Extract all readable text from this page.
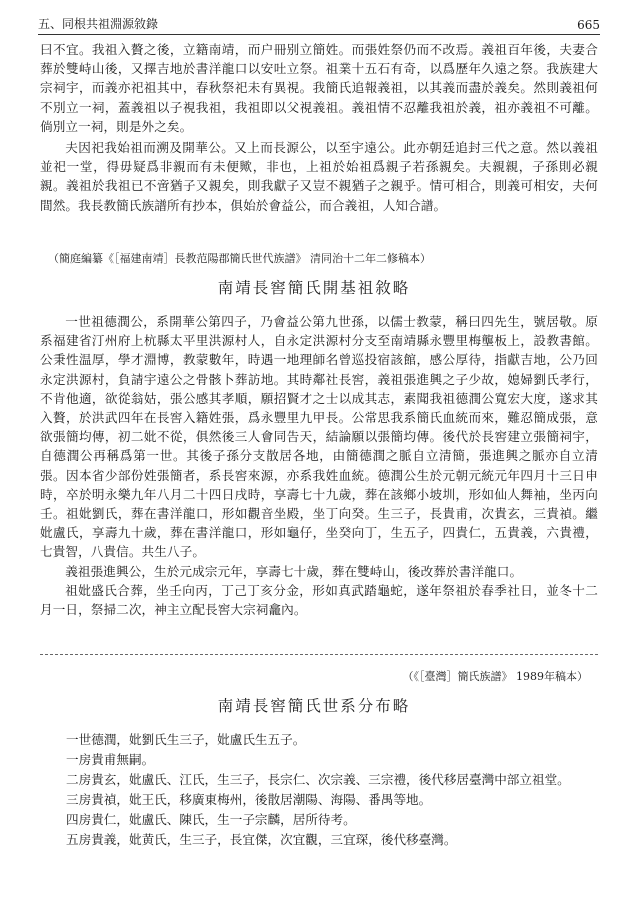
五、同根共祖淵源敘錄	665

曰不宜。我祖入贅之後，立籍南靖，而户冊别立簡姓。而張姓祭仍而不改焉。義祖百年後，夫妻合葬於雙峙山後，又擇吉地於書洋龍口以安吐立祭。祖業十五石有奇，以爲歷年久遠之祭。我族建大宗祠宇，而義亦祀祖其中，春秋祭祀未有異視。我簡氏追報義祖，以其義而盡於義矣。然則義祖何不別立一祠，蓋義祖以子視我祖，我祖即以父視義祖。義祖情不忍離我祖於義，祖亦義祖不可離。倘別立一祠，則是外之矣。

夫因祀我始祖而溯及開華公。又上而長源公，以至宇遠公。此亦朝廷追封三代之意。然以義祖並祀一堂，得毋疑爲非親而有未便歟，非也，上祖於始祖爲親子若孫親矣。夫親親，子孫則必親親。義祖於我祖已不啻猶子又親矣，則我獻子又豈不親猶子之親乎。情可相合，則義可相安，夫何間然。我長教簡氏族譜所有抄本，俱始於會益公，而合義祖，人知合譜。

（簡庭編纂《［福建南靖］長教范陽郡簡氏世代族譜》 清同治十二年二修稿本）
南靖長窖簡氏開基祖敘略

一世祖德潤公，系開華公第四子，乃會益公第九世孫，以儒士教蒙，稱曰四先生，號居敬。原系福建省汀州府上杭縣太平里洪源村人，自永定洪源村分支至南靖縣永豐里梅壟板上，設教書館。公秉性温厚，學才淵博，教蒙數年，時遇一地理師名曾巡投宿該館，感公厚待，指獻吉地，公乃回永定洪源村，負請宇遠公之骨骸卜葬訪地。其時鄰社長窖，義祖張進興之子少故，媳婦劉氏孝行，不肯他適，欲從翁姑，張公感其孝順，願招賢才之士以成其志，素聞我祖德潤公寬宏大度，遂求其入贅，於洪武四年在長窖入籍姓張，爲永豐里九甲長。公常思我系簡氏血統而來，難忍簡成張，意欲張簡均傳，初二妣不從，俱然後三人會同告天，結論願以張簡均傳。後代於長窖建立張簡祠宇，自德潤公再稱爲第一世。其後子孫分支散居各地，由簡德潤之脈自立清簡，張進興之脈亦自立清張。因本省少部份姓張簡者，系長窖來源，亦系我姓血統。德潤公生於元朝元統元年四月十三日申時，卒於明永樂九年八月二十四日戌時，享壽七十九歲，葬在該鄉小坡圳，形如仙人舞袖，坐丙向壬。祖妣劉氏，葬在書洋龍口，形如觀音坐殿，坐丁向癸。生三子，長貴甫，次貴玄，三貴禎。繼妣盧氏，享壽九十歲，葬在書洋龍口，形如龜仔，坐癸向丁，生五子，四貴仁，五貴義，六貴禮，七貴智，八貴信。共生八子。

義祖張進興公，生於元成宗元年，享壽七十歲，葬在雙峙山，後改葬於書洋龍口。

祖妣盛氏合葬，坐壬向丙，丁己丁亥分金，形如真武踏龜蛇，遂年祭祖於春季社日，並冬十二月一日，祭掃二次，神主立配長窖大宗祠龕內。

（《［臺灣］簡氏族譜》 1989年稿本）
南靖長窖簡氏世系分布略

一世德潤，妣劉氏生三子，妣盧氏生五子。

一房貴甫無嗣。

二房貴玄，妣盧氏、江氏，生三子，長宗仁、次宗義、三宗禮，後代移居臺灣中部立祖堂。

三房貴禎，妣王氏，移廣東梅州，後散居潮陽、海陽、番禺等地。

四房貴仁，妣盧氏、陳氏，生一子宗麟，居所待考。

五房貴義，妣黄氏，生三子，長宜傑，次宜觀，三宜琛，後代移臺灣。
